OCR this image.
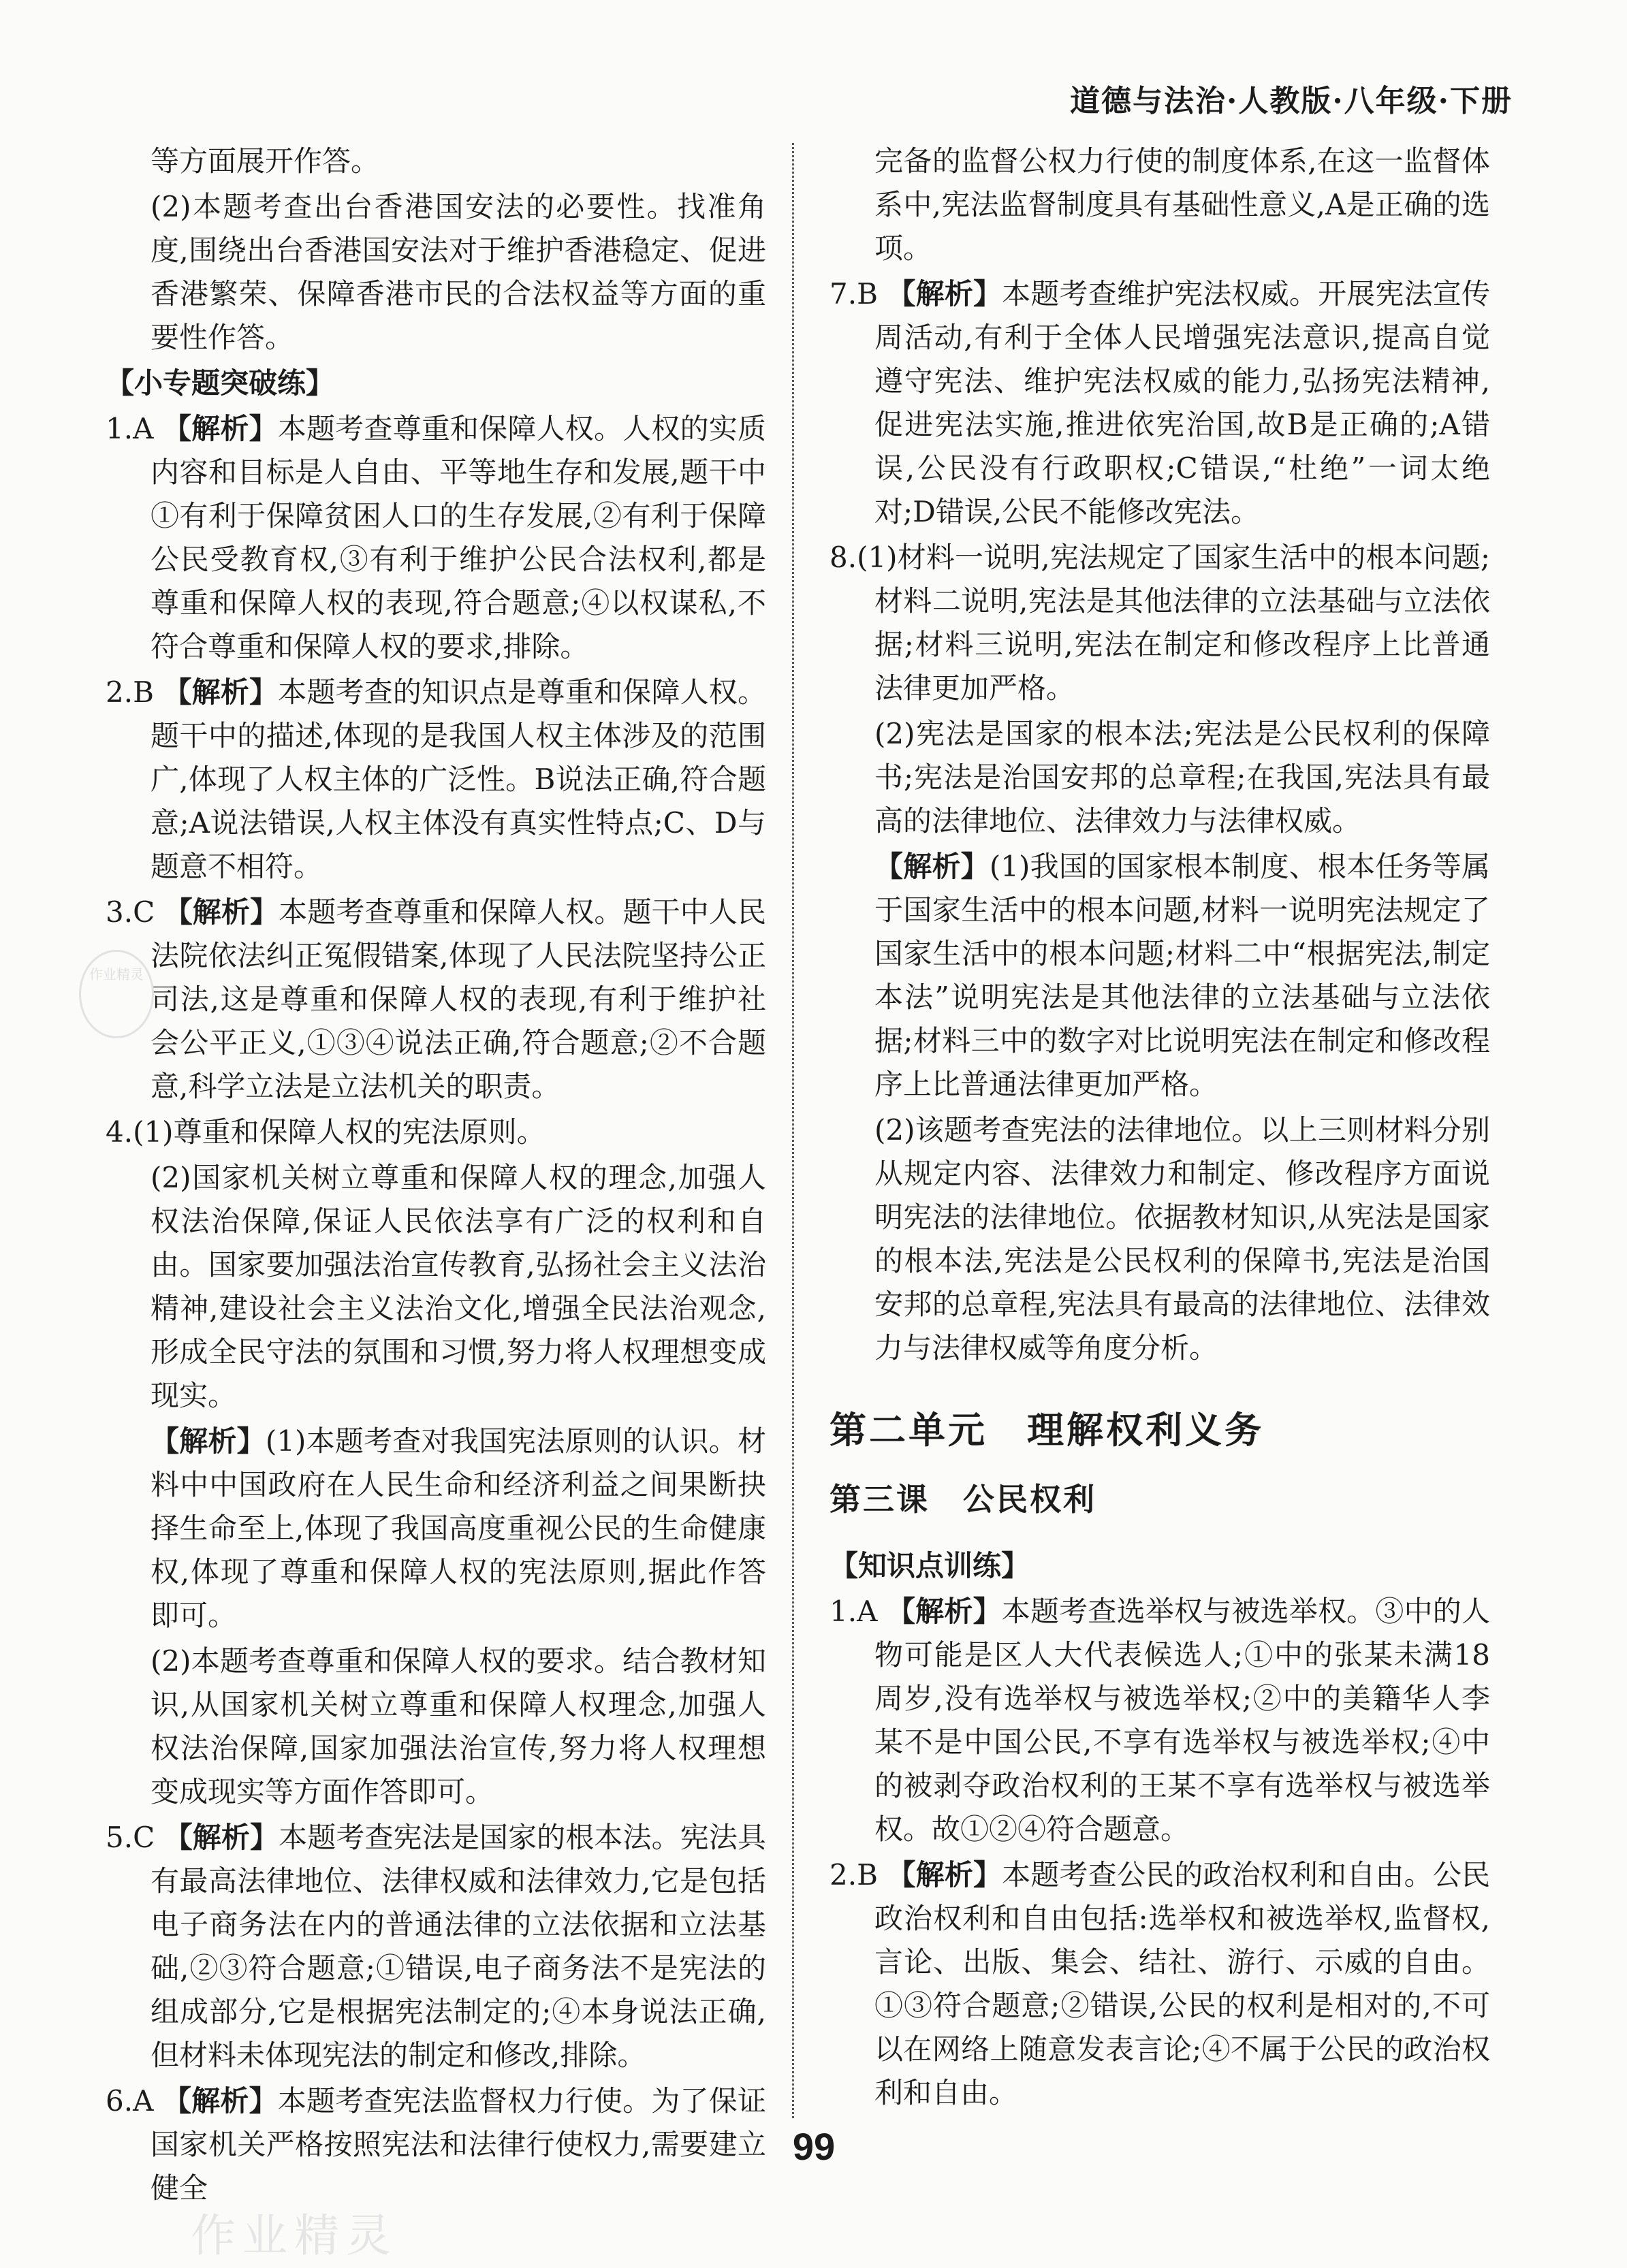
道德与法治·人教版·八年级·下册

等方面展开作答。

(2)本题考查出台香港国安法的必要性。找准角度,围绕出台香港国安法对于维护香港稳定、促进香港繁荣、保障香港市民的合法权益等方面的重要性作答。

【小专题突破练】

1.A 【解析】本题考查尊重和保障人权。人权的实质内容和目标是人自由、平等地生存和发展,题干中①有利于保障贫困人口的生存发展,②有利于保障公民受教育权,③有利于维护公民合法权利,都是尊重和保障人权的表现,符合题意;④以权谋私,不符合尊重和保障人权的要求,排除。

2.B 【解析】本题考查的知识点是尊重和保障人权。题干中的描述,体现的是我国人权主体涉及的范围广,体现了人权主体的广泛性。B说法正确,符合题意;A说法错误,人权主体没有真实性特点;C、D与题意不相符。

3.C 【解析】本题考查尊重和保障人权。题干中人民法院依法纠正冤假错案,体现了人民法院坚持公正司法,这是尊重和保障人权的表现,有利于维护社会公平正义,①③④说法正确,符合题意;②不合题意,科学立法是立法机关的职责。

4.(1)尊重和保障人权的宪法原则。

(2)国家机关树立尊重和保障人权的理念,加强人权法治保障,保证人民依法享有广泛的权利和自由。国家要加强法治宣传教育,弘扬社会主义法治精神,建设社会主义法治文化,增强全民法治观念,形成全民守法的氛围和习惯,努力将人权理想变成现实。

【解析】(1)本题考查对我国宪法原则的认识。材料中中国政府在人民生命和经济利益之间果断抉择生命至上,体现了我国高度重视公民的生命健康权,体现了尊重和保障人权的宪法原则,据此作答即可。

(2)本题考查尊重和保障人权的要求。结合教材知识,从国家机关树立尊重和保障人权理念,加强人权法治保障,国家加强法治宣传,努力将人权理想变成现实等方面作答即可。

5.C 【解析】本题考查宪法是国家的根本法。宪法具有最高法律地位、法律权威和法律效力,它是包括电子商务法在内的普通法律的立法依据和立法基础,②③符合题意;①错误,电子商务法不是宪法的组成部分,它是根据宪法制定的;④本身说法正确,但材料未体现宪法的制定和修改,排除。

6.A 【解析】本题考查宪法监督权力行使。为了保证国家机关严格按照宪法和法律行使权力,需要建立健全

完备的监督公权力行使的制度体系,在这一监督体系中,宪法监督制度具有基础性意义,A是正确的选项。

7.B 【解析】本题考查维护宪法权威。开展宪法宣传周活动,有利于全体人民增强宪法意识,提高自觉遵守宪法、维护宪法权威的能力,弘扬宪法精神,促进宪法实施,推进依宪治国,故B是正确的;A错误,公民没有行政职权;C错误,“杜绝”一词太绝对;D错误,公民不能修改宪法。

8.(1)材料一说明,宪法规定了国家生活中的根本问题;材料二说明,宪法是其他法律的立法基础与立法依据;材料三说明,宪法在制定和修改程序上比普通法律更加严格。

(2)宪法是国家的根本法;宪法是公民权利的保障书;宪法是治国安邦的总章程;在我国,宪法具有最高的法律地位、法律效力与法律权威。

【解析】(1)我国的国家根本制度、根本任务等属于国家生活中的根本问题,材料一说明宪法规定了国家生活中的根本问题;材料二中“根据宪法,制定本法”说明宪法是其他法律的立法基础与立法依据;材料三中的数字对比说明宪法在制定和修改程序上比普通法律更加严格。

(2)该题考查宪法的法律地位。以上三则材料分别从规定内容、法律效力和制定、修改程序方面说明宪法的法律地位。依据教材知识,从宪法是国家的根本法,宪法是公民权利的保障书,宪法是治国安邦的总章程,宪法具有最高的法律地位、法律效力与法律权威等角度分析。

第二单元　理解权利义务

第三课　公民权利

【知识点训练】

1.A 【解析】本题考查选举权与被选举权。③中的人物可能是区人大代表候选人;①中的张某未满18周岁,没有选举权与被选举权;②中的美籍华人李某不是中国公民,不享有选举权与被选举权;④中的被剥夺政治权利的王某不享有选举权与被选举权。故①②④符合题意。

2.B 【解析】本题考查公民的政治权利和自由。公民政治权利和自由包括:选举权和被选举权,监督权,言论、出版、集会、结社、游行、示威的自由。①③符合题意;②错误,公民的权利是相对的,不可以在网络上随意发表言论;④不属于公民的政治权利和自由。

作业精灵
99
作业精灵
